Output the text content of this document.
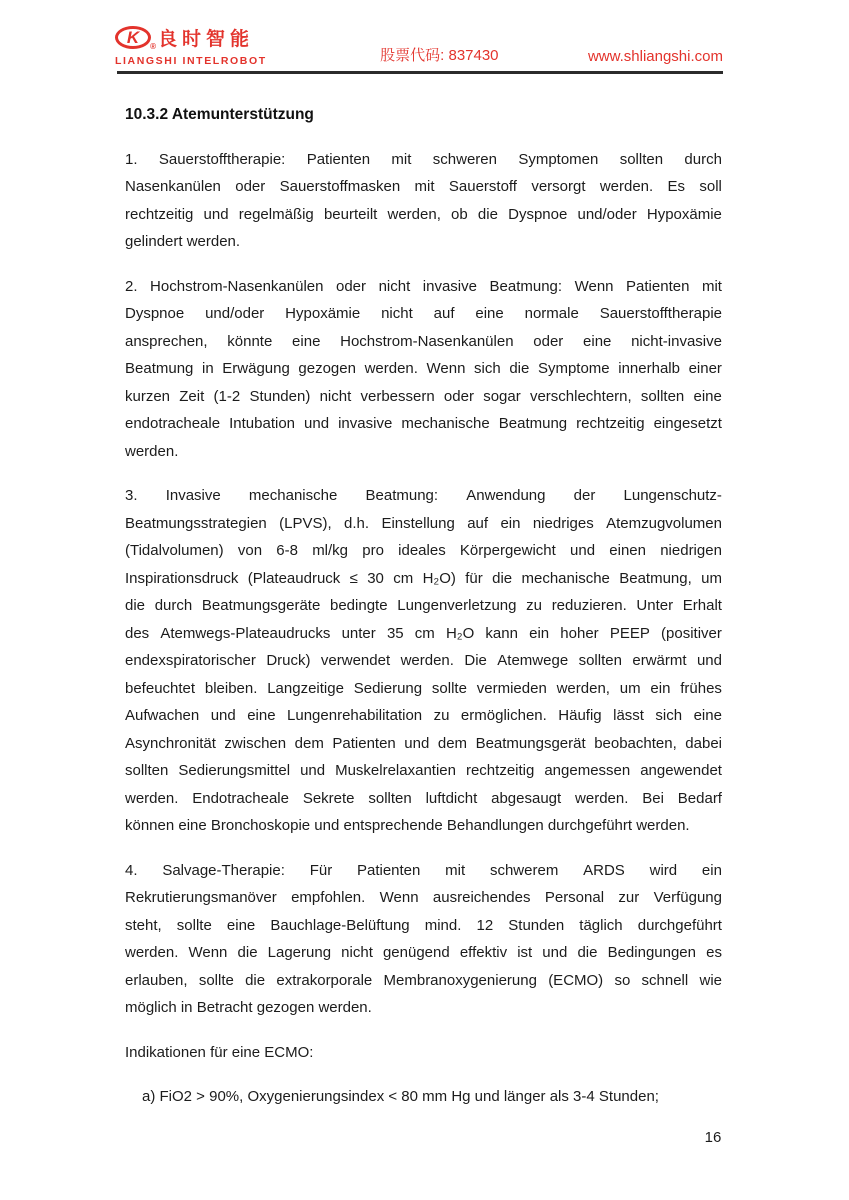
K ® 良时智能
LIANGSHI INTELROBOT	股票代码: 837430	www.shliangshi.com
10.3.2 Atemunterstützung
1. Sauerstofftherapie: Patienten mit schweren Symptomen sollten durch
Nasenkanülen oder Sauerstoffmasken mit Sauerstoff versorgt werden. Es soll
rechtzeitig und regelmäßig beurteilt werden, ob die Dyspnoe und/oder Hypoxämie
gelindert werden.
2. Hochstrom-Nasenkanülen oder nicht invasive Beatmung: Wenn Patienten mit
Dyspnoe und/oder Hypoxämie nicht auf eine normale Sauerstofftherapie
ansprechen, könnte eine Hochstrom-Nasenkanülen oder eine nicht-invasive
Beatmung in Erwägung gezogen werden. Wenn sich die Symptome innerhalb einer
kurzen Zeit (1-2 Stunden) nicht verbessern oder sogar verschlechtern, sollten eine
endotracheale Intubation und invasive mechanische Beatmung rechtzeitig eingesetzt
werden.
3. Invasive mechanische Beatmung: Anwendung der Lungenschutz-
Beatmungsstrategien (LPVS), d.h. Einstellung auf ein niedriges Atemzugvolumen
(Tidalvolumen) von 6-8 ml/kg pro ideales Körpergewicht und einen niedrigen
Inspirationsdruck (Plateaudruck ≤ 30 cm H₂O) für die mechanische Beatmung, um
die durch Beatmungsgeräte bedingte Lungenverletzung zu reduzieren. Unter Erhalt
des Atemwegs-Plateaudrucks unter 35 cm H₂O kann ein hoher PEEP (positiver
endexspiratorischer Druck) verwendet werden. Die Atemwege sollten erwärmt und
befeuchtet bleiben. Langzeitige Sedierung sollte vermieden werden, um ein frühes
Aufwachen und eine Lungenrehabilitation zu ermöglichen. Häufig lässt sich eine
Asynchronität zwischen dem Patienten und dem Beatmungsgerät beobachten, dabei
sollten Sedierungsmittel und Muskelrelaxantien rechtzeitig angemessen angewendet
werden. Endotracheale Sekrete sollten luftdicht abgesaugt werden. Bei Bedarf
können eine Bronchoskopie und entsprechende Behandlungen durchgeführt werden.
4. Salvage-Therapie: Für Patienten mit schwerem ARDS wird ein
Rekrutierungsmanöver empfohlen. Wenn ausreichendes Personal zur Verfügung
steht, sollte eine Bauchlage-Belüftung mind. 12 Stunden täglich durchgeführt
werden. Wenn die Lagerung nicht genügend effektiv ist und die Bedingungen es
erlauben, sollte die extrakorporale Membranoxygenierung (ECMO) so schnell wie
möglich in Betracht gezogen werden.
Indikationen für eine ECMO:
a) FiO2 > 90%, Oxygenierungsindex < 80 mm Hg und länger als 3-4 Stunden;
16
